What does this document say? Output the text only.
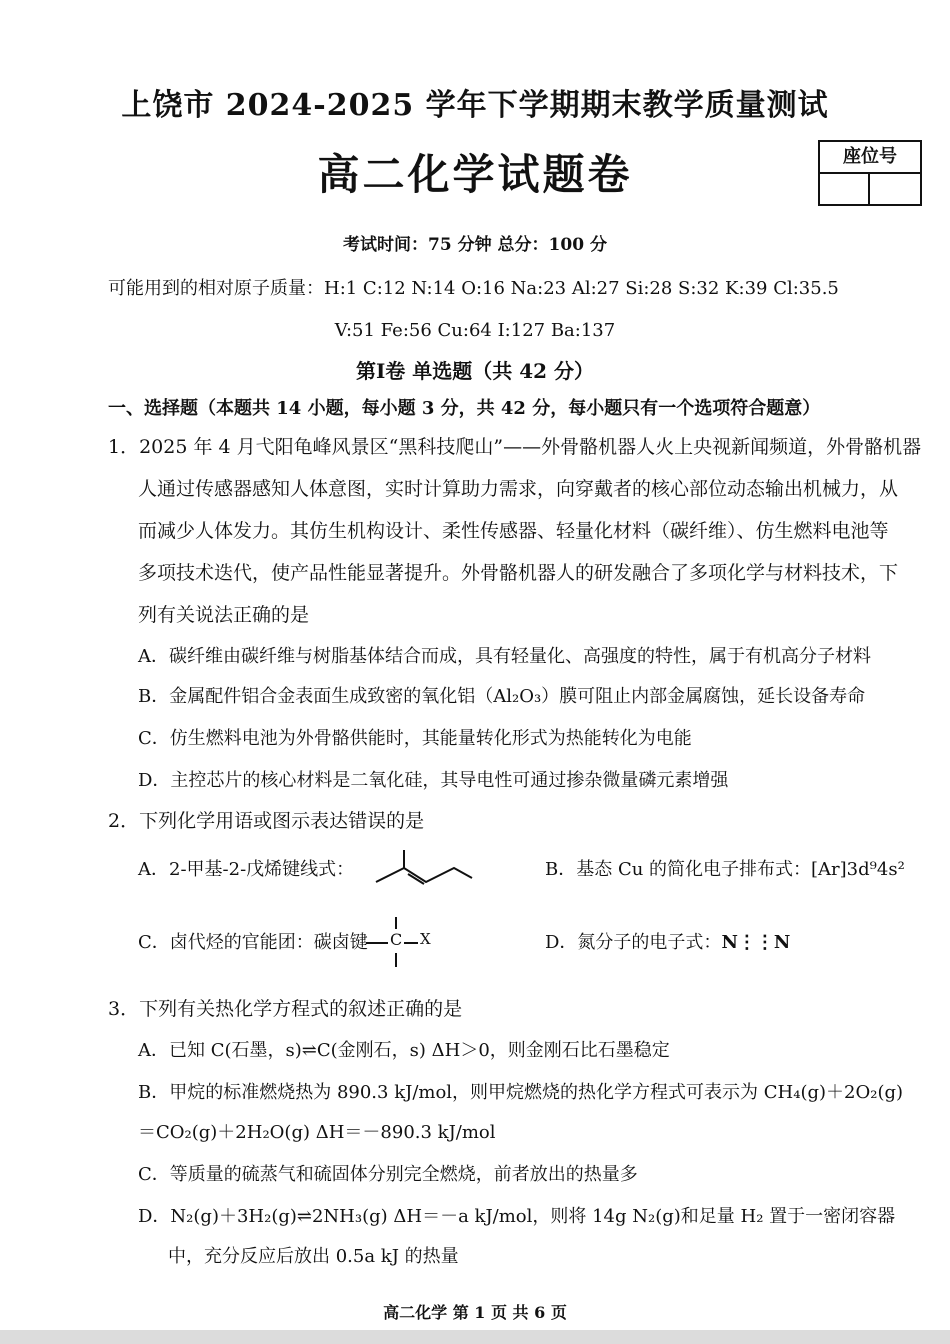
上饶市 2024-2025 学年下学期期末教学质量测试
高二化学试题卷	座位号
考试时间：75 分钟 总分：100 分
可能用到的相对原子质量：H:1 C:12 N:14 O:16 Na:23 Al:27 Si:28 S:32 K:39 Cl:35.5
V:51 Fe:56 Cu:64 I:127 Ba:137
第Ⅰ卷 单选题（共 42 分）
一、选择题（本题共 14 小题，每小题 3 分，共 42 分，每小题只有一个选项符合题意）
1．2025 年 4 月弋阳龟峰风景区“黑科技爬山”——外骨骼机器人火上央视新闻频道，外骨骼机器
人通过传感器感知人体意图，实时计算助力需求，向穿戴者的核心部位动态输出机械力，从
而减少人体发力。其仿生机构设计、柔性传感器、轻量化材料（碳纤维）、仿生燃料电池等
多项技术迭代，使产品性能显著提升。外骨骼机器人的研发融合了多项化学与材料技术，下
列有关说法正确的是
A．碳纤维由碳纤维与树脂基体结合而成，具有轻量化、高强度的特性，属于有机高分子材料
B．金属配件铝合金表面生成致密的氧化铝（Al₂O₃）膜可阻止内部金属腐蚀，延长设备寿命
C．仿生燃料电池为外骨骼供能时，其能量转化形式为热能转化为电能
D．主控芯片的核心材料是二氧化硅，其导电性可通过掺杂微量磷元素增强
2．下列化学用语或图示表达错误的是
A．2-甲基-2-戊烯键线式：	B．基态 Cu 的简化电子排布式：[Ar]3d⁹4s²
C．卤代烃的官能团：碳卤键 C X	D．氮分子的电子式：N⋮⋮N
3．下列有关热化学方程式的叙述正确的是
A．已知 C(石墨，s)⇌C(金刚石，s) ΔH＞0，则金刚石比石墨稳定
B．甲烷的标准燃烧热为 890.3 kJ/mol，则甲烷燃烧的热化学方程式可表示为 CH₄(g)＋2O₂(g)
＝CO₂(g)＋2H₂O(g) ΔH＝－890.3 kJ/mol
C．等质量的硫蒸气和硫固体分别完全燃烧，前者放出的热量多
D．N₂(g)＋3H₂(g)⇌2NH₃(g) ΔH＝－a kJ/mol，则将 14g N₂(g)和足量 H₂ 置于一密闭容器
中，充分反应后放出 0.5a kJ 的热量
高二化学 第 1 页 共 6 页
